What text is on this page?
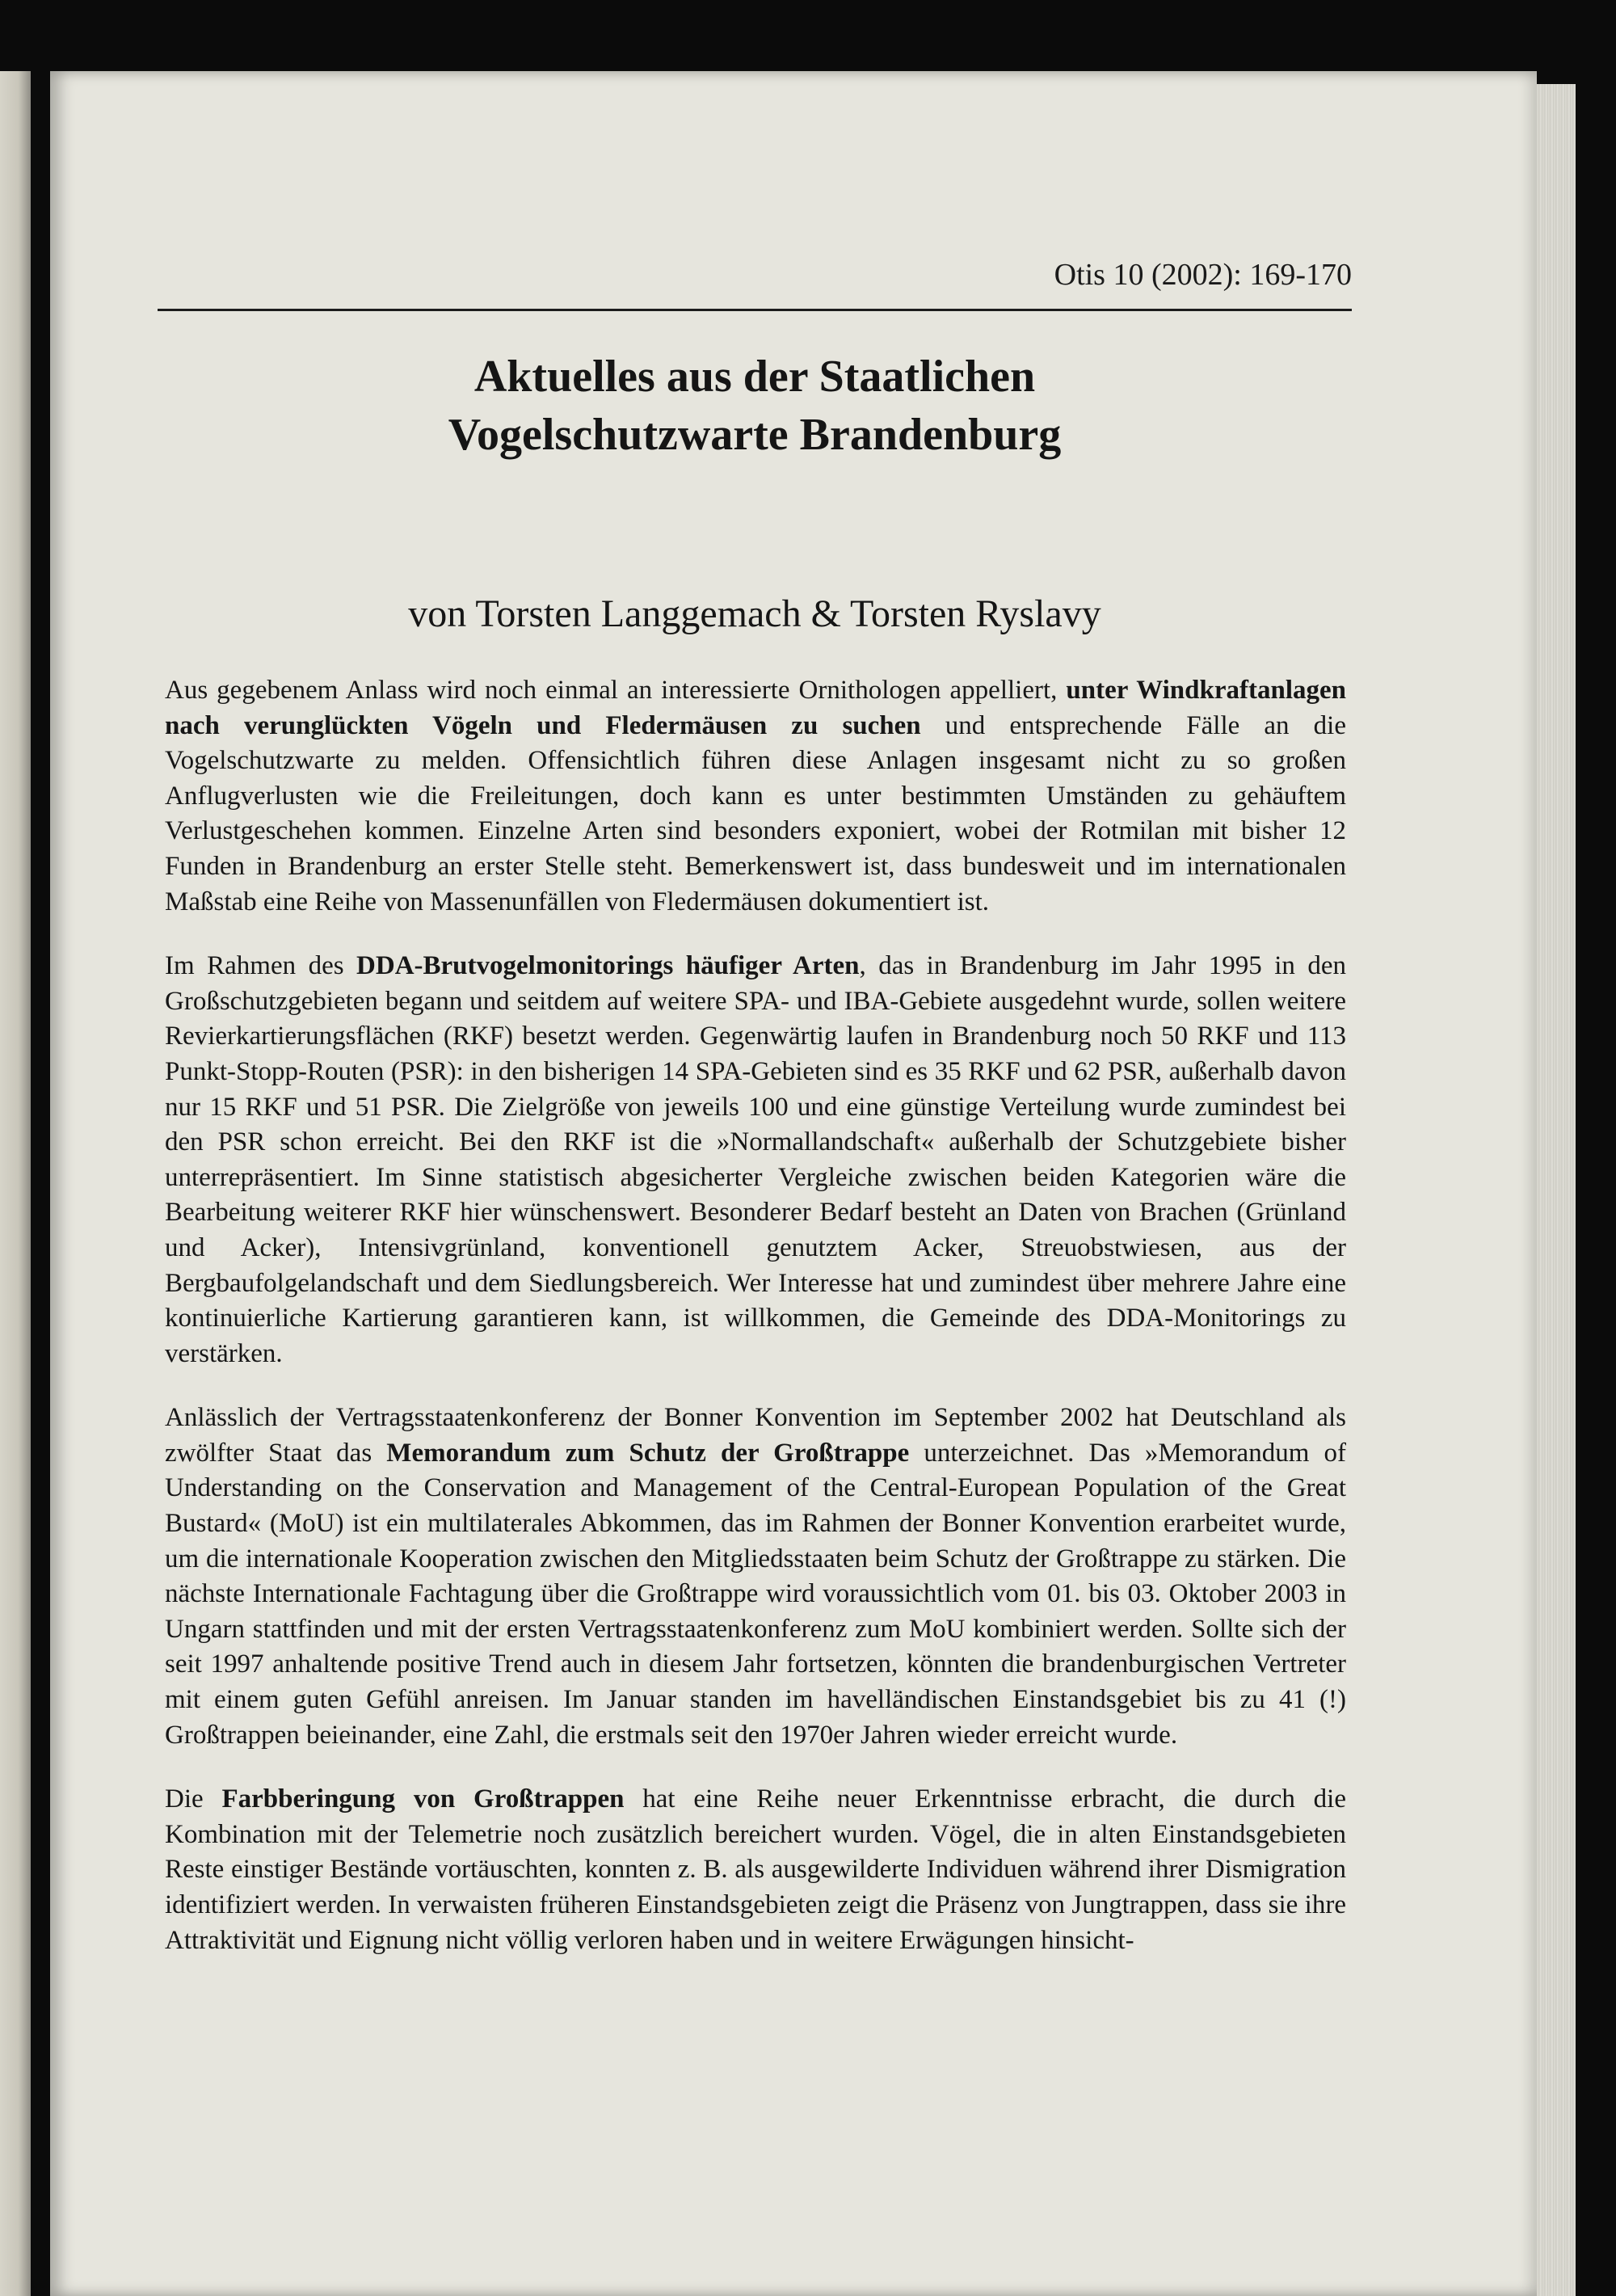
Otis 10 (2002): 169-170
Aktuelles aus der Staatlichen
Vogelschutzwarte Brandenburg
von Torsten Langgemach & Torsten Ryslavy

Aus gegebenem Anlass wird noch einmal an interessierte Ornithologen appelliert, unter Windkraftanlagen nach verunglückten Vögeln und Fledermäusen zu suchen und entsprechende Fälle an die Vogelschutzwarte zu melden. Offensichtlich führen diese Anlagen insgesamt nicht zu so großen Anflugverlusten wie die Freileitungen, doch kann es unter bestimmten Umständen zu gehäuftem Verlustgeschehen kommen. Einzelne Arten sind besonders exponiert, wobei der Rotmilan mit bisher 12 Funden in Brandenburg an erster Stelle steht. Bemerkenswert ist, dass bundesweit und im internationalen Maßstab eine Reihe von Massenunfällen von Fledermäusen dokumentiert ist.

Im Rahmen des DDA-Brutvogelmonitorings häufiger Arten, das in Brandenburg im Jahr 1995 in den Großschutzgebieten begann und seitdem auf weitere SPA- und IBA-Gebiete ausgedehnt wurde, sollen weitere Revierkartierungsflächen (RKF) besetzt werden. Gegenwärtig laufen in Brandenburg noch 50 RKF und 113 Punkt-Stopp-Routen (PSR): in den bisherigen 14 SPA-Gebieten sind es 35 RKF und 62 PSR, außerhalb davon nur 15 RKF und 51 PSR. Die Zielgröße von jeweils 100 und eine günstige Verteilung wurde zumindest bei den PSR schon erreicht. Bei den RKF ist die »Normallandschaft« außerhalb der Schutzgebiete bisher unterrepräsentiert. Im Sinne statistisch abgesicherter Vergleiche zwischen beiden Kategorien wäre die Bearbeitung weiterer RKF hier wünschenswert. Besonderer Bedarf besteht an Daten von Brachen (Grünland und Acker), Intensivgrünland, konventionell genutztem Acker, Streuobstwiesen, aus der Bergbaufolgelandschaft und dem Siedlungsbereich. Wer Interesse hat und zumindest über mehrere Jahre eine kontinuierliche Kartierung garantieren kann, ist willkommen, die Gemeinde des DDA-Monitorings zu verstärken.

Anlässlich der Vertragsstaatenkonferenz der Bonner Konvention im September 2002 hat Deutschland als zwölfter Staat das Memorandum zum Schutz der Großtrappe unterzeichnet. Das »Memorandum of Understanding on the Conservation and Management of the Central-European Population of the Great Bustard« (MoU) ist ein multilaterales Abkommen, das im Rahmen der Bonner Konvention erarbeitet wurde, um die internationale Kooperation zwischen den Mitgliedsstaaten beim Schutz der Großtrappe zu stärken. Die nächste Internationale Fachtagung über die Großtrappe wird voraussichtlich vom 01. bis 03. Oktober 2003 in Ungarn stattfinden und mit der ersten Vertragsstaatenkonferenz zum MoU kombiniert werden. Sollte sich der seit 1997 anhaltende positive Trend auch in diesem Jahr fortsetzen, könnten die brandenburgischen Vertreter mit einem guten Gefühl anreisen. Im Januar standen im havelländischen Einstandsgebiet bis zu 41 (!) Großtrappen beieinander, eine Zahl, die erstmals seit den 1970er Jahren wieder erreicht wurde.

Die Farbberingung von Großtrappen hat eine Reihe neuer Erkenntnisse erbracht, die durch die Kombination mit der Telemetrie noch zusätzlich bereichert wurden. Vögel, die in alten Einstandsgebieten Reste einstiger Bestände vortäuschten, konnten z. B. als ausgewilderte Individuen während ihrer Dismigration identifiziert werden. In verwaisten früheren Einstandsgebieten zeigt die Präsenz von Jungtrappen, dass sie ihre Attraktivität und Eignung nicht völlig verloren haben und in weitere Erwägungen hinsicht-
